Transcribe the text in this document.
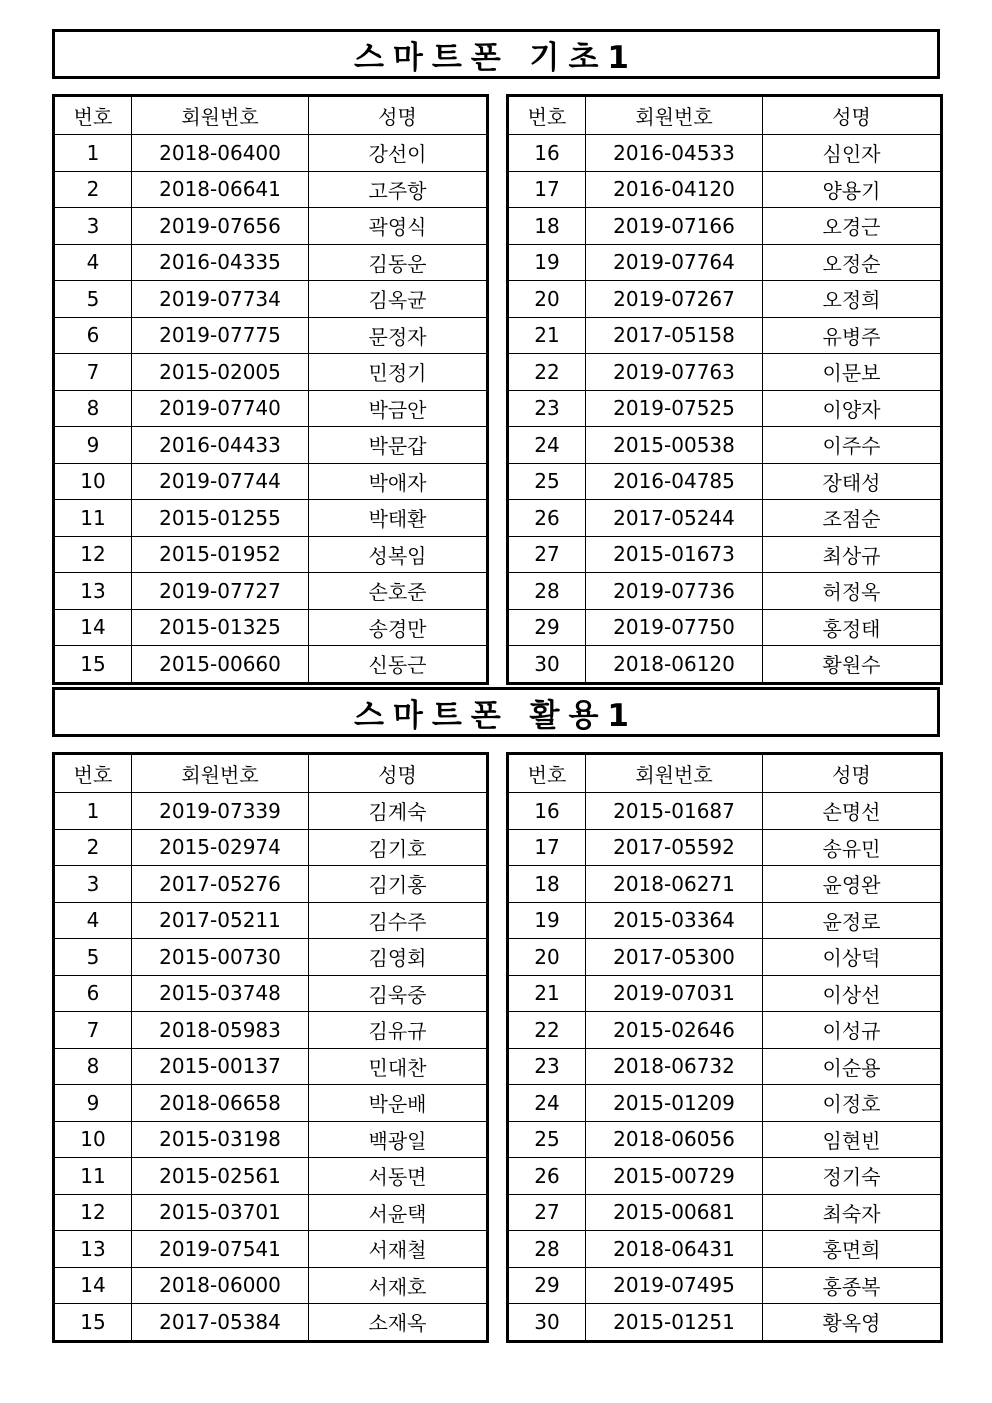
스마트폰 기초1
번호	회원번호	성명
1	2018-06400	강선이
2	2018-06641	고주항
3	2019-07656	곽영식
4	2016-04335	김동운
5	2019-07734	김옥균
6	2019-07775	문정자
7	2015-02005	민정기
8	2019-07740	박금안
9	2016-04433	박문갑
10	2019-07744	박애자
11	2015-01255	박태환
12	2015-01952	성복임
13	2019-07727	손호준
14	2015-01325	송경만
15	2015-00660	신동근
번호	회원번호	성명
16	2016-04533	심인자
17	2016-04120	양용기
18	2019-07166	오경근
19	2019-07764	오정순
20	2019-07267	오정희
21	2017-05158	유병주
22	2019-07763	이문보
23	2019-07525	이양자
24	2015-00538	이주수
25	2016-04785	장태성
26	2017-05244	조점순
27	2015-01673	최상규
28	2019-07736	허정옥
29	2019-07750	홍정태
30	2018-06120	황원수
스마트폰 활용1
번호	회원번호	성명
1	2019-07339	김계숙
2	2015-02974	김기호
3	2017-05276	김기홍
4	2017-05211	김수주
5	2015-00730	김영회
6	2015-03748	김욱중
7	2018-05983	김유규
8	2015-00137	민대찬
9	2018-06658	박운배
10	2015-03198	백광일
11	2015-02561	서동면
12	2015-03701	서윤택
13	2019-07541	서재철
14	2018-06000	서재호
15	2017-05384	소재옥
번호	회원번호	성명
16	2015-01687	손명선
17	2017-05592	송유민
18	2018-06271	윤영완
19	2015-03364	윤정로
20	2017-05300	이상덕
21	2019-07031	이상선
22	2015-02646	이성규
23	2018-06732	이순용
24	2015-01209	이정호
25	2018-06056	임현빈
26	2015-00729	정기숙
27	2015-00681	최숙자
28	2018-06431	홍면희
29	2019-07495	홍종복
30	2015-01251	황옥영
